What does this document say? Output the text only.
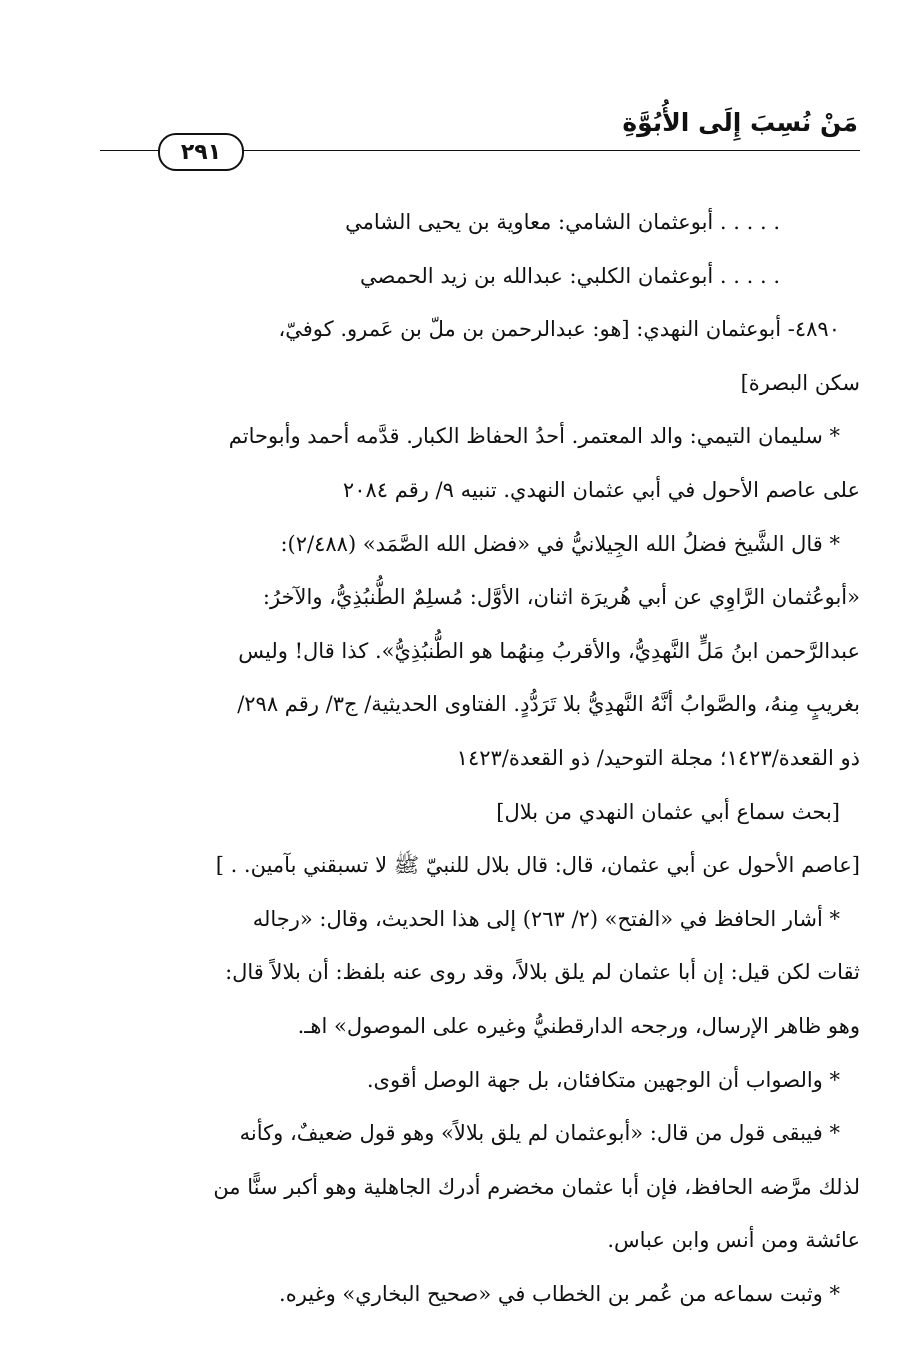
مَنْ نُسِبَ إِلَى الأُبُوَّةِ
٢٩١
. . . . . أبوعثمان الشامي: معاوية بن يحيى الشامي
. . . . . أبوعثمان الكلبي: عبدالله بن زيد الحمصي
٤٨٩٠- أبوعثمان النهدي: [هو: عبدالرحمن بن ملّ بن عَمرو. كوفيّ،
سكن البصرة]
* سليمان التيمي: والد المعتمر. أحدُ الحفاظ الكبار. قدَّمه أحمد وأبوحاتم
على عاصم الأحول في أبي عثمان النهدي. تنبيه ٩/ رقم ٢٠٨٤
* قال الشَّيخ فضلُ الله الجِيلانيُّ في «فضل الله الصَّمَد» (٢/٤٨٨):
«أبوعُثمان الرَّاوِي عن أبي هُريرَة اثنان، الأوَّل: مُسلِمٌ الطُّنبُذِيُّ، والآخرُ:
عبدالرَّحمن ابنُ مَلٍّ النَّهدِيُّ، والأقربُ مِنهُما هو الطُّنبُذِيُّ». كذا قال! وليس
بغريبٍ مِنهُ، والصَّوابُ أنَّهُ النَّهدِيُّ بلا تَرَدُّدٍ. الفتاوى الحديثية/ ج٣/ رقم ٢٩٨/
ذو القعدة/١٤٢٣؛ مجلة التوحيد/ ذو القعدة/١٤٢٣
[بحث سماع أبي عثمان النهدي من بلال]
[عاصم الأحول عن أبي عثمان، قال: قال بلال للنبيّ ﷺ لا تسبقني بآمين. . ]
* أشار الحافظ في «الفتح» (٢/ ٢٦٣) إلى هذا الحديث، وقال: «رجاله
ثقات لكن قيل: إن أبا عثمان لم يلق بلالاً، وقد روى عنه بلفظ: أن بلالاً قال:
وهو ظاهر الإرسال، ورجحه الدارقطنيُّ وغيره على الموصول» اهـ.
* والصواب أن الوجهين متكافئان، بل جهة الوصل أقوى.
* فيبقى قول من قال: «أبوعثمان لم يلق بلالاً» وهو قول ضعيفٌ، وكأنه
لذلك مرَّضه الحافظ، فإن أبا عثمان مخضرم أدرك الجاهلية وهو أكبر سنًّا من
عائشة ومن أنس وابن عباس.
* وثبت سماعه من عُمر بن الخطاب في «صحيح البخاري» وغيره.
